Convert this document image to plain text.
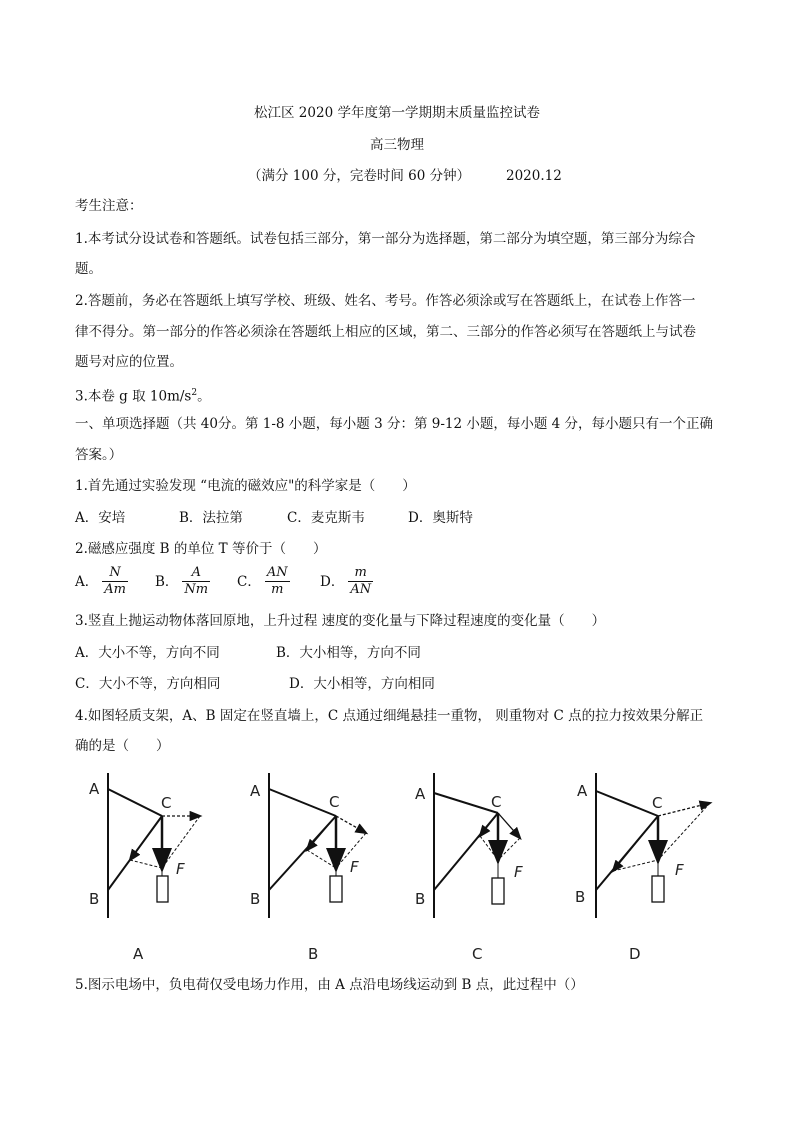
松江区 2020 学年度第一学期期末质量监控试卷
高三物理
（满分 100 分，完卷时间 60 分钟）	2020.12
考生注意：
1.本考试分设试卷和答题纸。试卷包括三部分，第一部分为选择题，第二部分为填空题，第三部分为综合
题。
2.答题前，务必在答题纸上填写学校、班级、姓名、考号。作答必须涂或写在答题纸上，在试卷上作答一
律不得分。第一部分的作答必须涂在答题纸上相应的区域，第二、三部分的作答必须写在答题纸上与试卷
题号对应的位置。
3.本卷 g 取 $10m/s^2$。
一、单项选择题（共 40分。第 1-8 小题，每小题 3 分：第 9-12 小题，每小题 4 分，每小题只有一个正确
答案。）
1.首先通过实验发现 “电流的磁效应"的科学家是（　　）
A．安培	B．法拉第	C．麦克斯韦	D．奥斯特
2.磁感应强度 B 的单位 T 等价于（　　）
A． $\frac{N}{Am}$ B． $\frac{A}{Nm}$ C． $\frac{AN}{m}$ D． $\frac{m}{AN}$
3.竖直上抛运动物体落回原地，上升过程 速度的变化量与下降过程速度的变化量（　　）
A．大小不等，方向不同	B．大小相等，方向不同
C．大小不等，方向相同	D．大小相等，方向相同
4.如图轻质支架，A、B 固定在竖直墙上，C 点通过细绳悬挂一重物， 则重物对 C 点的拉力按效果分解正
确的是（　　）
A
B
C
F
A
A
B
C
F
B
A
B
C
F
C
A
B
C
F
D
5.图示电场中，负电荷仅受电场力作用，由 A 点沿电场线运动到 B 点，此过程中（）
